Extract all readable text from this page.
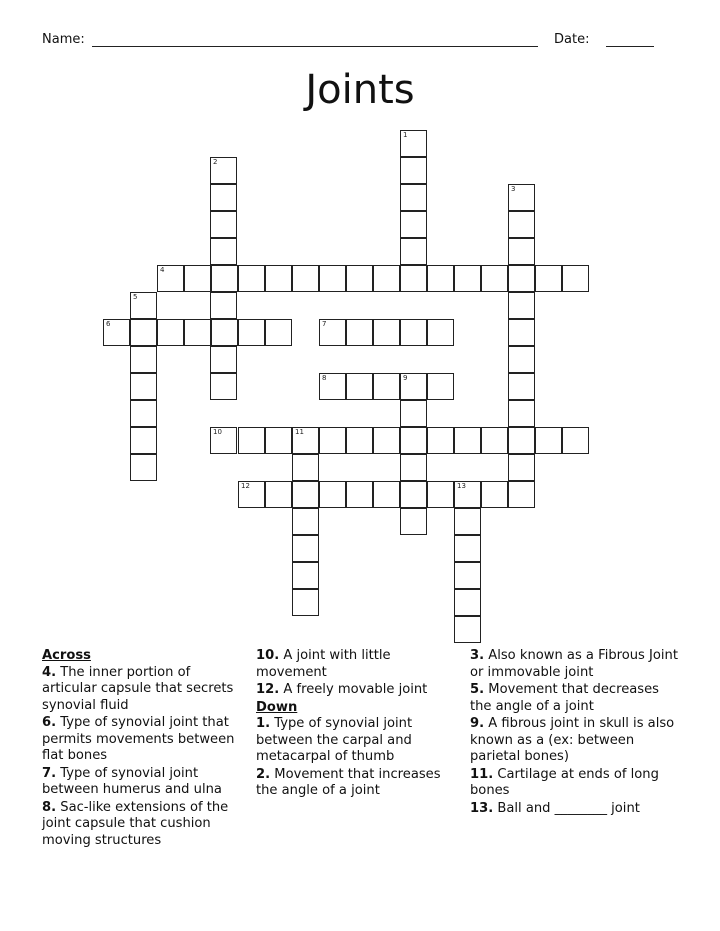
Name:	Date:
Joints
1
2
3
4
5
6	7
8	9
10	11
12	13
Across
4. The inner portion of articular capsule that secrets synovial fluid
6. Type of synovial joint that permits movements between flat bones
7. Type of synovial joint between humerus and ulna
8. Sac-like extensions of the joint capsule that cushion moving structures
10. A joint with little movement
12. A freely movable joint
Down
1. Type of synovial joint between the carpal and metacarpal of thumb
2. Movement that increases the angle of a joint
3. Also known as a Fibrous Joint or immovable joint
5. Movement that decreases the angle of a joint
9. A fibrous joint in skull is also known as a (ex: between parietal bones)
11. Cartilage at ends of long bones
13. Ball and ________ joint
